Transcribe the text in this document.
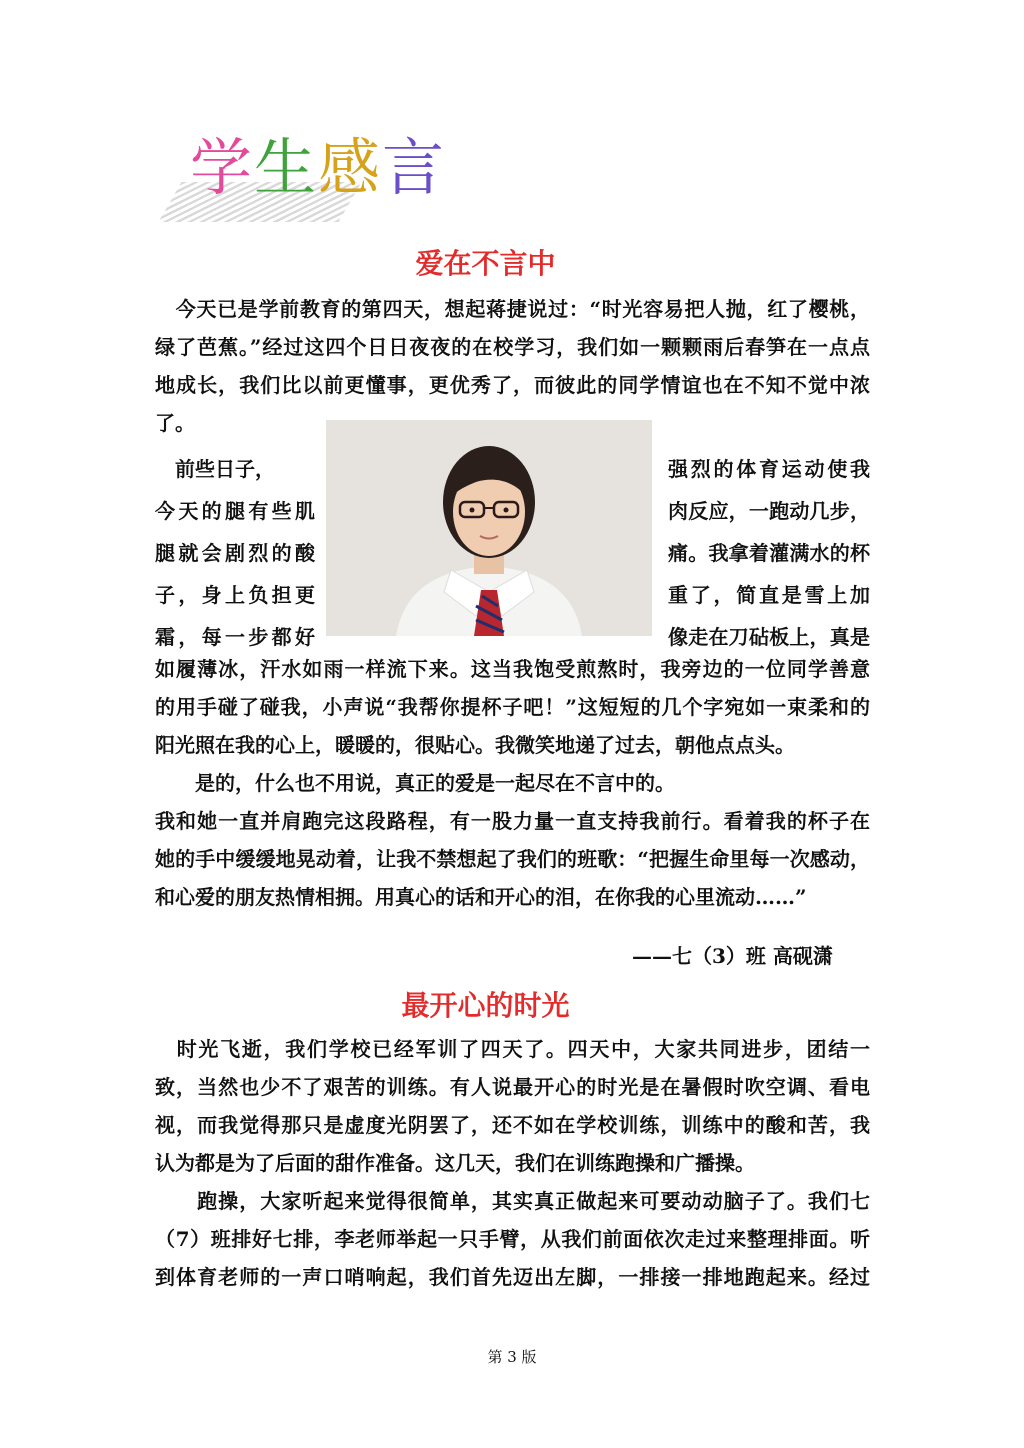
学生感言
爱在不言中
　今天已是学前教育的第四天，想起蒋捷说过：“时光容易把人抛，红了樱桃，
绿了芭蕉。”经过这四个日日夜夜的在校学习，我们如一颗颗雨后春笋在一点点
地成长，我们比以前更懂事，更优秀了，而彼此的同学情谊也在不知不觉中浓
了。
　前些日子，
今天的腿有些肌
腿就会剧烈的酸
子，身上负担更
霜，每一步都好
强烈的体育运动使我
肉反应，一跑动几步，
痛。我拿着灌满水的杯
重了，简直是雪上加
像走在刀砧板上，真是
如履薄冰，汗水如雨一样流下来。这当我饱受煎熬时，我旁边的一位同学善意
的用手碰了碰我，小声说“我帮你提杯子吧！”这短短的几个字宛如一束柔和的
阳光照在我的心上，暖暖的，很贴心。我微笑地递了过去，朝他点点头。
　　是的，什么也不用说，真正的爱是一起尽在不言中的。
我和她一直并肩跑完这段路程，有一股力量一直支持我前行。看着我的杯子在
她的手中缓缓地晃动着，让我不禁想起了我们的班歌：“把握生命里每一次感动，
和心爱的朋友热情相拥。用真心的话和开心的泪，在你我的心里流动……”
——七（3）班 高砚潇
最开心的时光
　时光飞逝，我们学校已经军训了四天了。四天中，大家共同进步，团结一
致，当然也少不了艰苦的训练。有人说最开心的时光是在暑假时吹空调、看电
视，而我觉得那只是虚度光阴罢了，还不如在学校训练，训练中的酸和苦，我
认为都是为了后面的甜作准备。这几天，我们在训练跑操和广播操。
　　跑操，大家听起来觉得很简单，其实真正做起来可要动动脑子了。我们七
（7）班排好七排，李老师举起一只手臂，从我们前面依次走过来整理排面。听
到体育老师的一声口哨响起，我们首先迈出左脚，一排接一排地跑起来。经过
第 3 版
